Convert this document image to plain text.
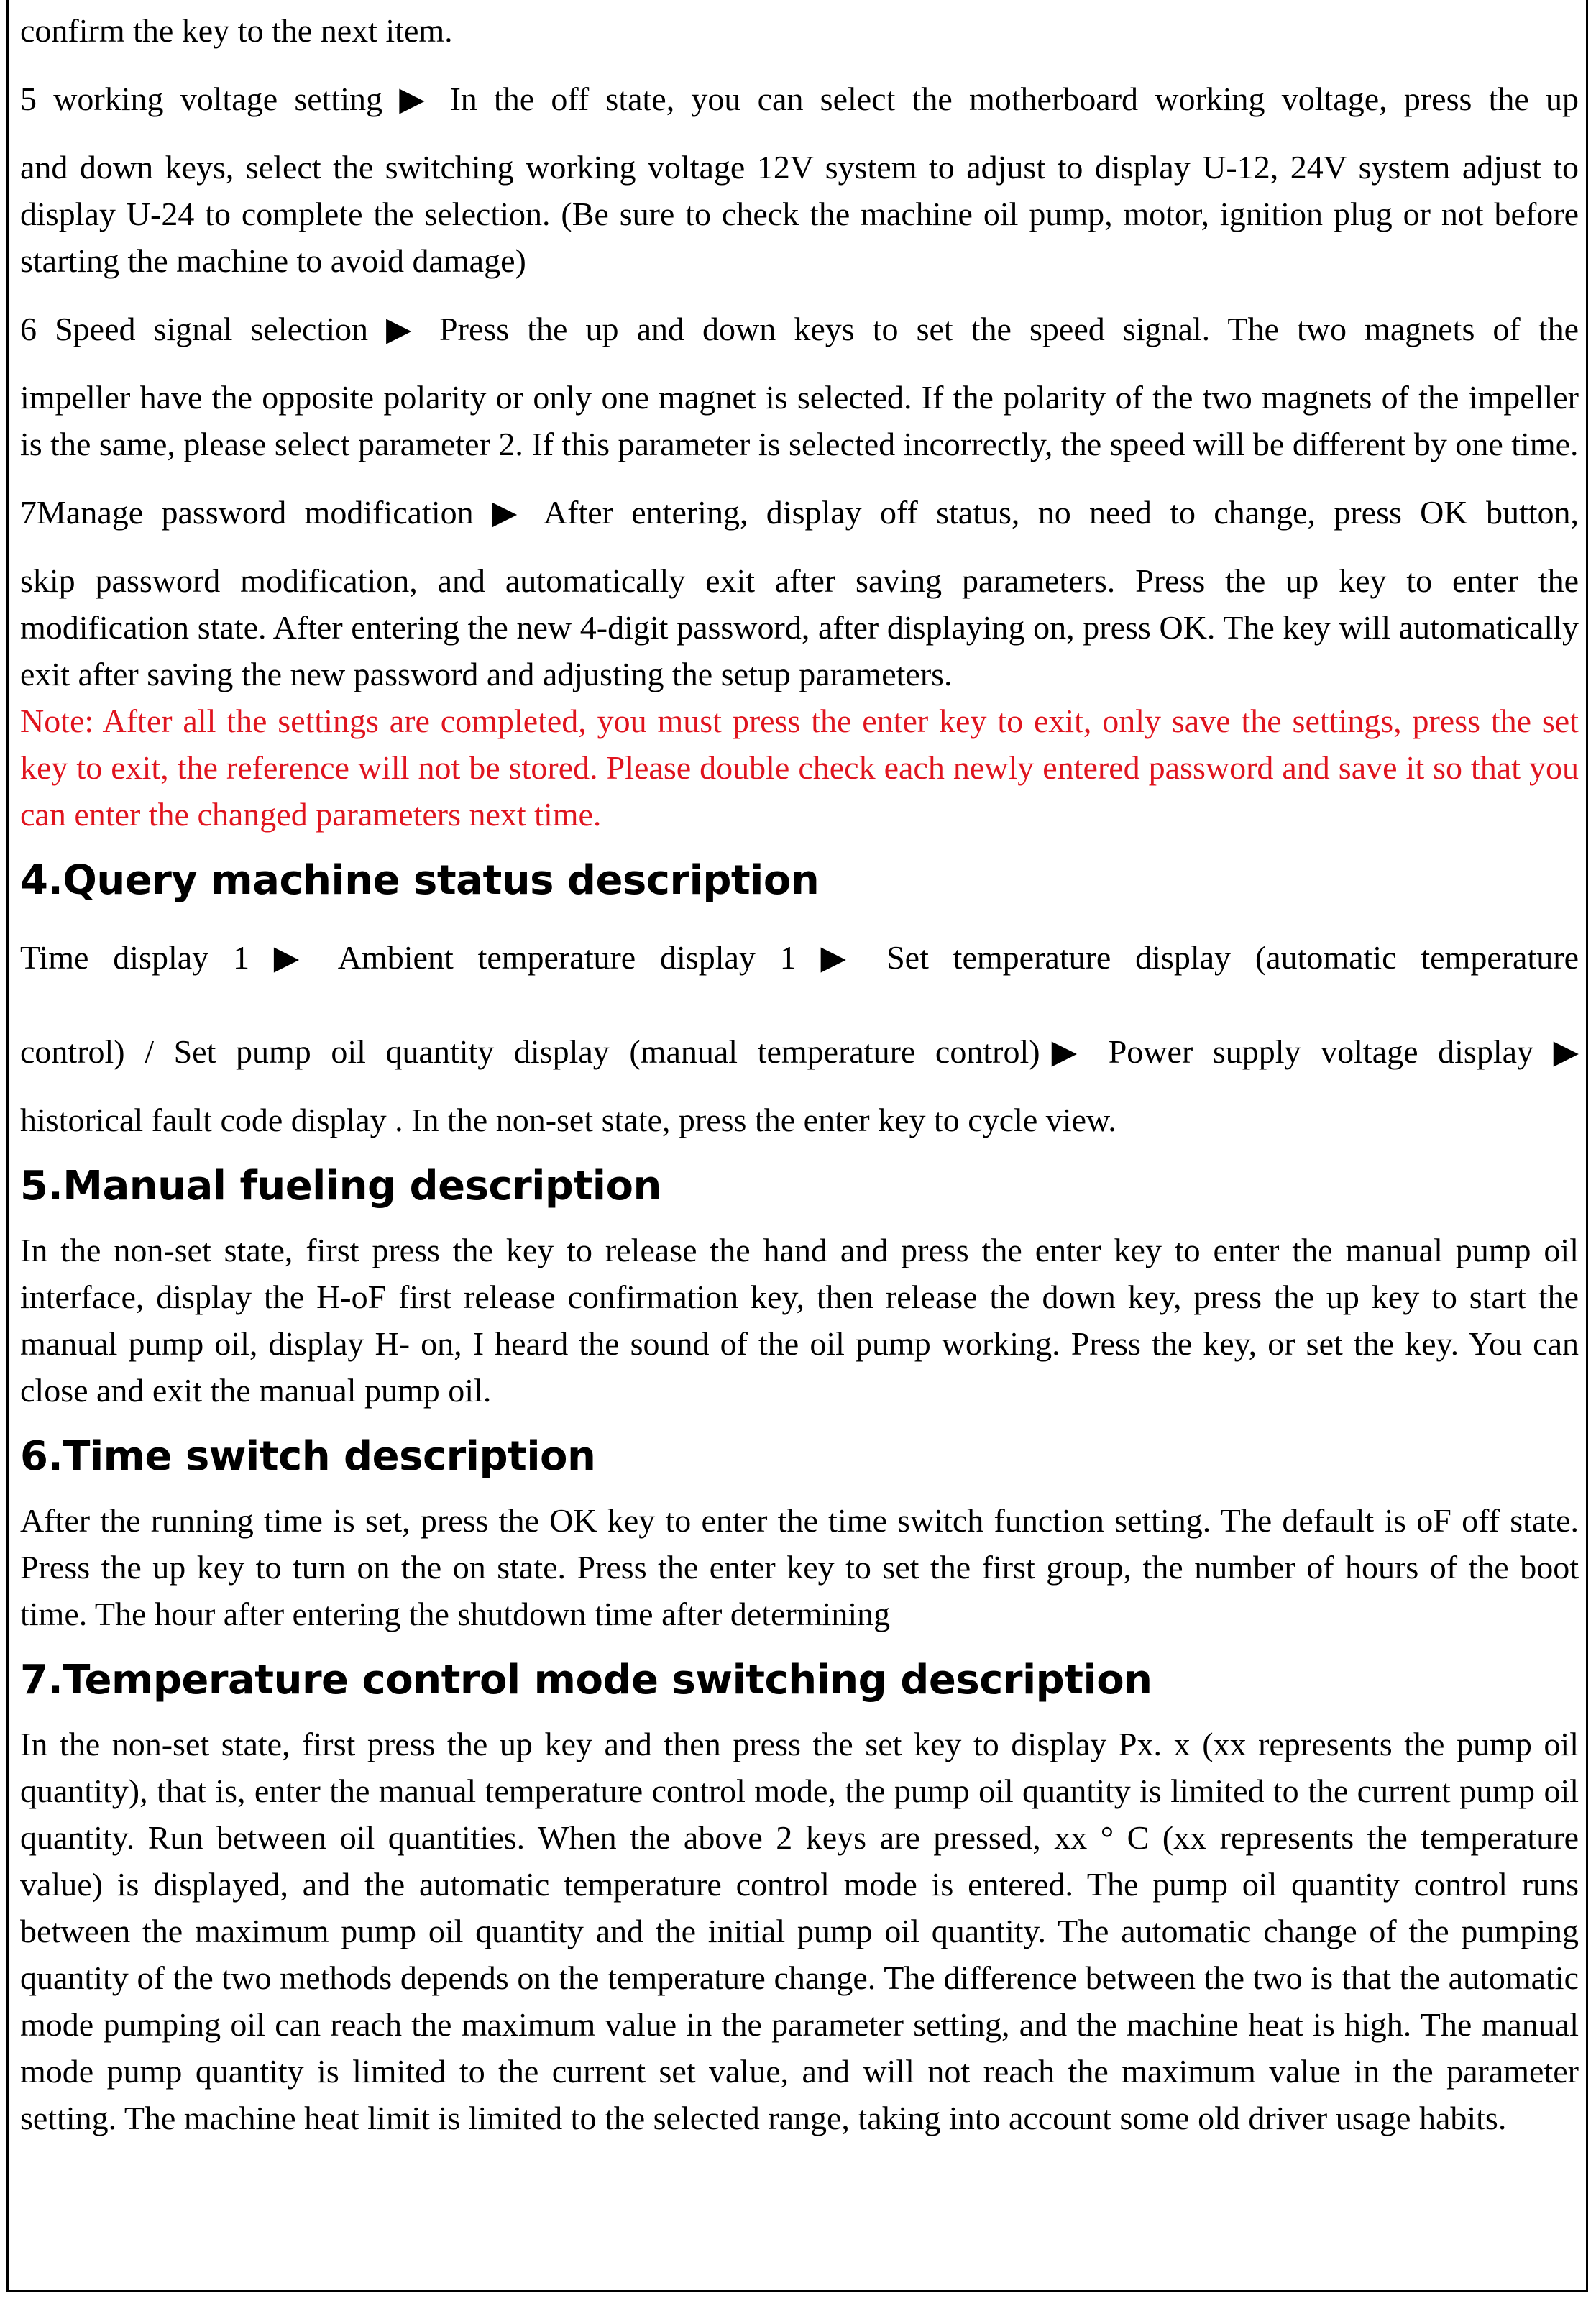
confirm the key to the next item.

5 working voltage setting ▶ In the off state, you can select the motherboard working voltage, press the up

and down keys, select the switching working voltage 12V system to adjust to display U-12, 24V system adjust to display U-24 to complete the selection. (Be sure to check the machine oil pump, motor, ignition plug or not before starting the machine to avoid damage)

6 Speed signal selection ▶ Press the up and down keys to set the speed signal. The two magnets of the

impeller have the opposite polarity or only one magnet is selected. If the polarity of the two magnets of the impeller is the same, please select parameter 2. If this parameter is selected incorrectly, the speed will be different by one time.

7Manage password modification ▶ After entering, display off status, no need to change, press OK button,

skip password modification, and automatically exit after saving parameters. Press the up key to enter the modification state. After entering the new 4-digit password, after displaying on, press OK. The key will automatically exit after saving the new password and adjusting the setup parameters.

Note: After all the settings are completed, you must press the enter key to exit, only save the settings, press the set key to exit, the reference will not be stored. Please double check each newly entered password and save it so that you can enter the changed parameters next time.

4.Query machine status description

Time display 1 ▶ Ambient temperature display 1 ▶ Set temperature display (automatic temperature

control) / Set pump oil quantity display (manual temperature control)▶ Power supply voltage display ▶

historical fault code display . In the non-set state, press the enter key to cycle view.

5.Manual fueling description

In the non-set state, first press the key to release the hand and press the enter key to enter the manual pump oil interface, display the H-oF first release confirmation key, then release the down key, press the up key to start the manual pump oil, display H- on, I heard the sound of the oil pump working. Press the key, or set the key. You can close and exit the manual pump oil.

6.Time switch description

After the running time is set, press the OK key to enter the time switch function setting. The default is oF off state. Press the up key to turn on the on state. Press the enter key to set the first group, the number of hours of the boot time. The hour after entering the shutdown time after determining

7.Temperature control mode switching description

In the non-set state, first press the up key and then press the set key to display Px. x (xx represents the pump oil quantity), that is, enter the manual temperature control mode, the pump oil quantity is limited to the current pump oil quantity. Run between oil quantities. When the above 2 keys are pressed, xx ° C (xx represents the temperature value) is displayed, and the automatic temperature control mode is entered. The pump oil quantity control runs between the maximum pump oil quantity and the initial pump oil quantity. The automatic change of the pumping quantity of the two methods depends on the temperature change. The difference between the two is that the automatic mode pumping oil can reach the maximum value in the parameter setting, and the machine heat is high. The manual mode pump quantity is limited to the current set value, and will not reach the maximum value in the parameter setting. The machine heat limit is limited to the selected range, taking into account some old driver usage habits.
